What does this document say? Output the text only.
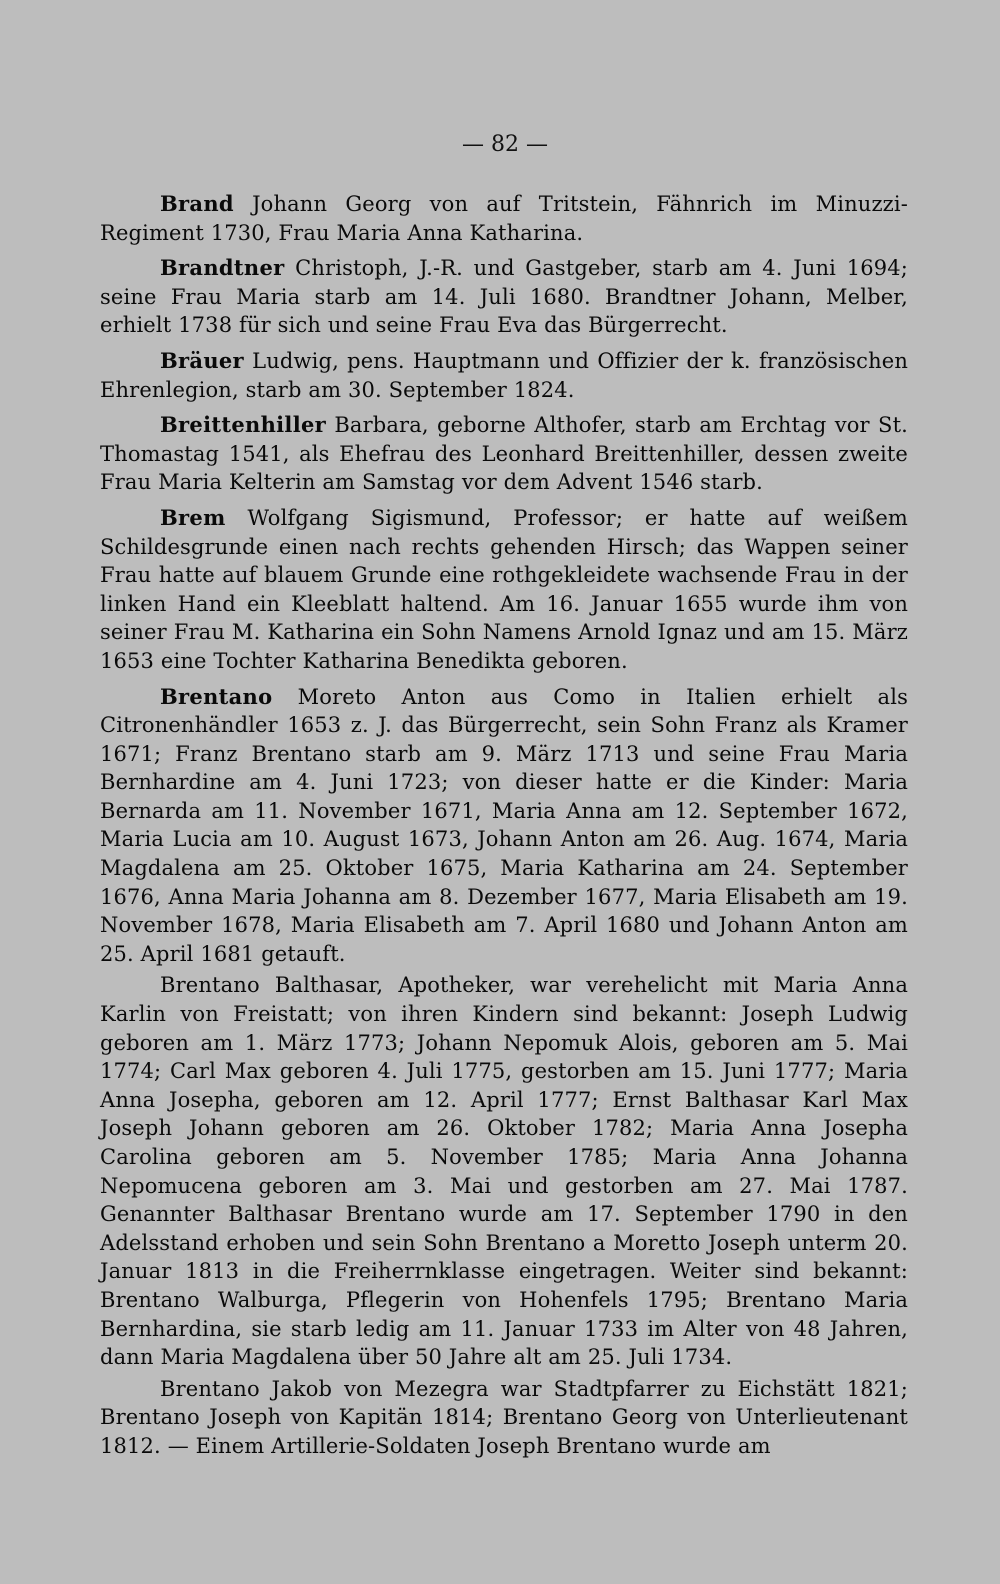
— 82 —

Brand Johann Georg von auf Tritstein, Fähnrich im Minuzzi-Regiment 1730, Frau Maria Anna Katharina.

Brandtner Christoph, J.-R. und Gastgeber, starb am 4. Juni 1694; seine Frau Maria starb am 14. Juli 1680. Brandtner Johann, Melber, erhielt 1738 für sich und seine Frau Eva das Bürgerrecht.

Bräuer Ludwig, pens. Hauptmann und Offizier der k. französischen Ehrenlegion, starb am 30. September 1824.

Breittenhiller Barbara, geborne Althofer, starb am Erchtag vor St. Thomastag 1541, als Ehefrau des Leonhard Breittenhiller, dessen zweite Frau Maria Kelterin am Samstag vor dem Advent 1546 starb.

Brem Wolfgang Sigismund, Professor; er hatte auf weißem Schildesgrunde einen nach rechts gehenden Hirsch; das Wappen seiner Frau hatte auf blauem Grunde eine rothgekleidete wachsende Frau in der linken Hand ein Kleeblatt haltend. Am 16. Januar 1655 wurde ihm von seiner Frau M. Katharina ein Sohn Namens Arnold Ignaz und am 15. März 1653 eine Tochter Katharina Benedikta geboren.

Brentano Moreto Anton aus Como in Italien erhielt als Citronenhändler 1653 z. J. das Bürgerrecht, sein Sohn Franz als Kramer 1671; Franz Brentano starb am 9. März 1713 und seine Frau Maria Bernhardine am 4. Juni 1723; von dieser hatte er die Kinder: Maria Bernarda am 11. November 1671, Maria Anna am 12. September 1672, Maria Lucia am 10. August 1673, Johann Anton am 26. Aug. 1674, Maria Magdalena am 25. Oktober 1675, Maria Katharina am 24. September 1676, Anna Maria Johanna am 8. Dezember 1677, Maria Elisabeth am 19. November 1678, Maria Elisabeth am 7. April 1680 und Johann Anton am 25. April 1681 getauft.

Brentano Balthasar, Apotheker, war verehelicht mit Maria Anna Karlin von Freistatt; von ihren Kindern sind bekannt: Joseph Ludwig geboren am 1. März 1773; Johann Nepomuk Alois, geboren am 5. Mai 1774; Carl Max geboren 4. Juli 1775, gestorben am 15. Juni 1777; Maria Anna Josepha, geboren am 12. April 1777; Ernst Balthasar Karl Max Joseph Johann geboren am 26. Oktober 1782; Maria Anna Josepha Carolina geboren am 5. November 1785; Maria Anna Johanna Nepomucena geboren am 3. Mai und gestorben am 27. Mai 1787. Genannter Balthasar Brentano wurde am 17. September 1790 in den Adelsstand erhoben und sein Sohn Brentano a Moretto Joseph unterm 20. Januar 1813 in die Freiherrnklasse eingetragen. Weiter sind bekannt: Brentano Walburga, Pflegerin von Hohenfels 1795; Brentano Maria Bernhardina, sie starb ledig am 11. Januar 1733 im Alter von 48 Jahren, dann Maria Magdalena über 50 Jahre alt am 25. Juli 1734.

Brentano Jakob von Mezegra war Stadtpfarrer zu Eichstätt 1821; Brentano Joseph von Kapitän 1814; Brentano Georg von Unterlieutenant 1812. — Einem Artillerie-Soldaten Joseph Brentano wurde am
